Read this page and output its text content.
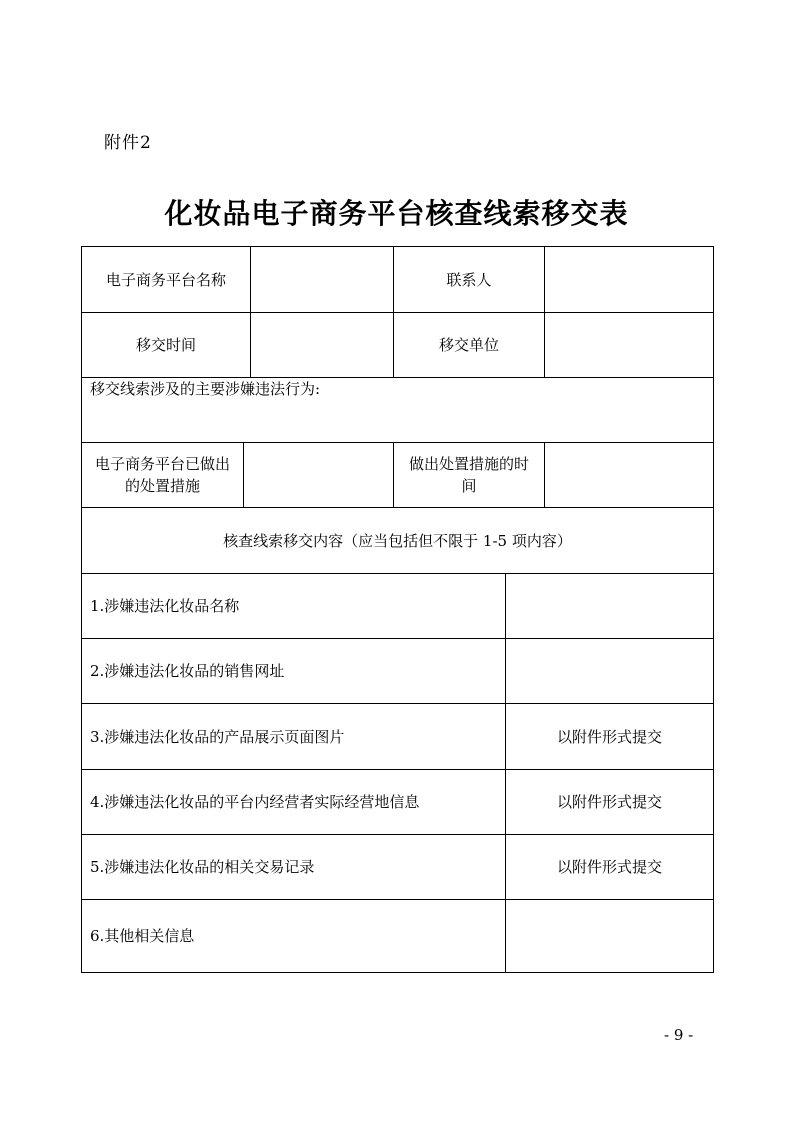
附件2
化妆品电子商务平台核查线索移交表
电子商务平台名称			联系人		
移交时间			移交单位		
移交线索涉及的主要涉嫌违法行为:					
电子商务平台已做出的处置措施			做出处置措施的时间		
核查线索移交内容（应当包括但不限于 1-5 项内容）					
1.涉嫌违法化妆品名称					
2.涉嫌违法化妆品的销售网址					
3.涉嫌违法化妆品的产品展示页面图片				以附件形式提交	
4.涉嫌违法化妆品的平台内经营者实际经营地信息				以附件形式提交	
5.涉嫌违法化妆品的相关交易记录				以附件形式提交	
6.其他相关信息					
- 9 -
